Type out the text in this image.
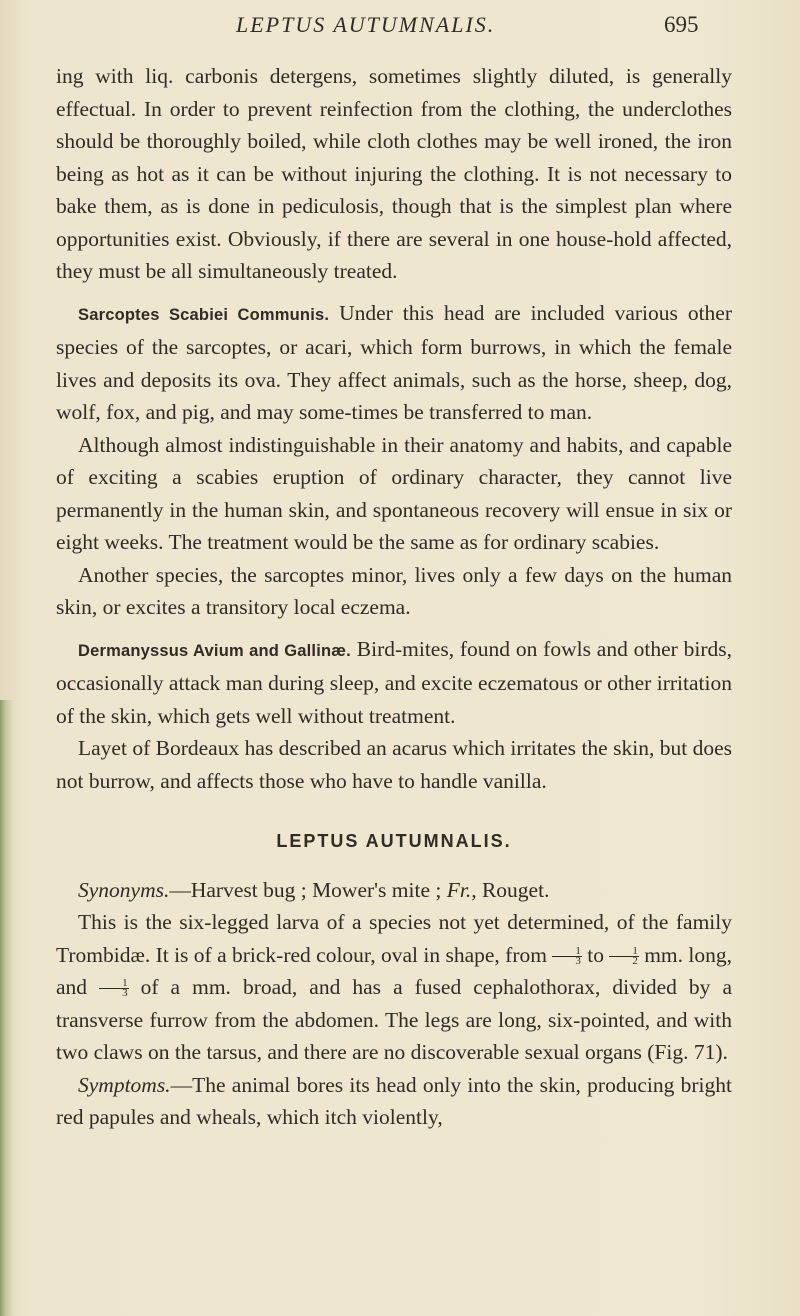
LEPTUS AUTUMNALIS.	695

ing with liq. carbonis detergens, sometimes slightly diluted, is generally effectual. In order to prevent reinfection from the clothing, the underclothes should be thoroughly boiled, while cloth clothes may be well ironed, the iron being as hot as it can be without injuring the clothing. It is not necessary to bake them, as is done in pediculosis, though that is the simplest plan where opportunities exist. Obviously, if there are several in one house-hold affected, they must be all simultaneously treated.

Sarcoptes Scabiei Communis. Under this head are included various other species of the sarcoptes, or acari, which form burrows, in which the female lives and deposits its ova. They affect animals, such as the horse, sheep, dog, wolf, fox, and pig, and may some-times be transferred to man.

Although almost indistinguishable in their anatomy and habits, and capable of exciting a scabies eruption of ordinary character, they cannot live permanently in the human skin, and spontaneous recovery will ensue in six or eight weeks. The treatment would be the same as for ordinary scabies.

Another species, the sarcoptes minor, lives only a few days on the human skin, or excites a transitory local eczema.

Dermanyssus Avium and Gallinæ. Bird-mites, found on fowls and other birds, occasionally attack man during sleep, and excite eczematous or other irritation of the skin, which gets well without treatment.

Layet of Bordeaux has described an acarus which irritates the skin, but does not burrow, and affects those who have to handle vanilla.

LEPTUS AUTUMNALIS.

Synonyms.—Harvest bug ; Mower's mite ; Fr., Rouget.

This is the six-legged larva of a species not yet determined, of the family Trombidæ. It is of a brick-red colour, oval in shape, from $\frac{1}{3}$ to $\frac{1}{2}$ mm. long, and $\frac{1}{3}$ of a mm. broad, and has a fused cephalothorax, divided by a transverse furrow from the abdomen. The legs are long, six-pointed, and with two claws on the tarsus, and there are no discoverable sexual organs (Fig. 71).

Symptoms.—The animal bores its head only into the skin, producing bright red papules and wheals, which itch violently,
